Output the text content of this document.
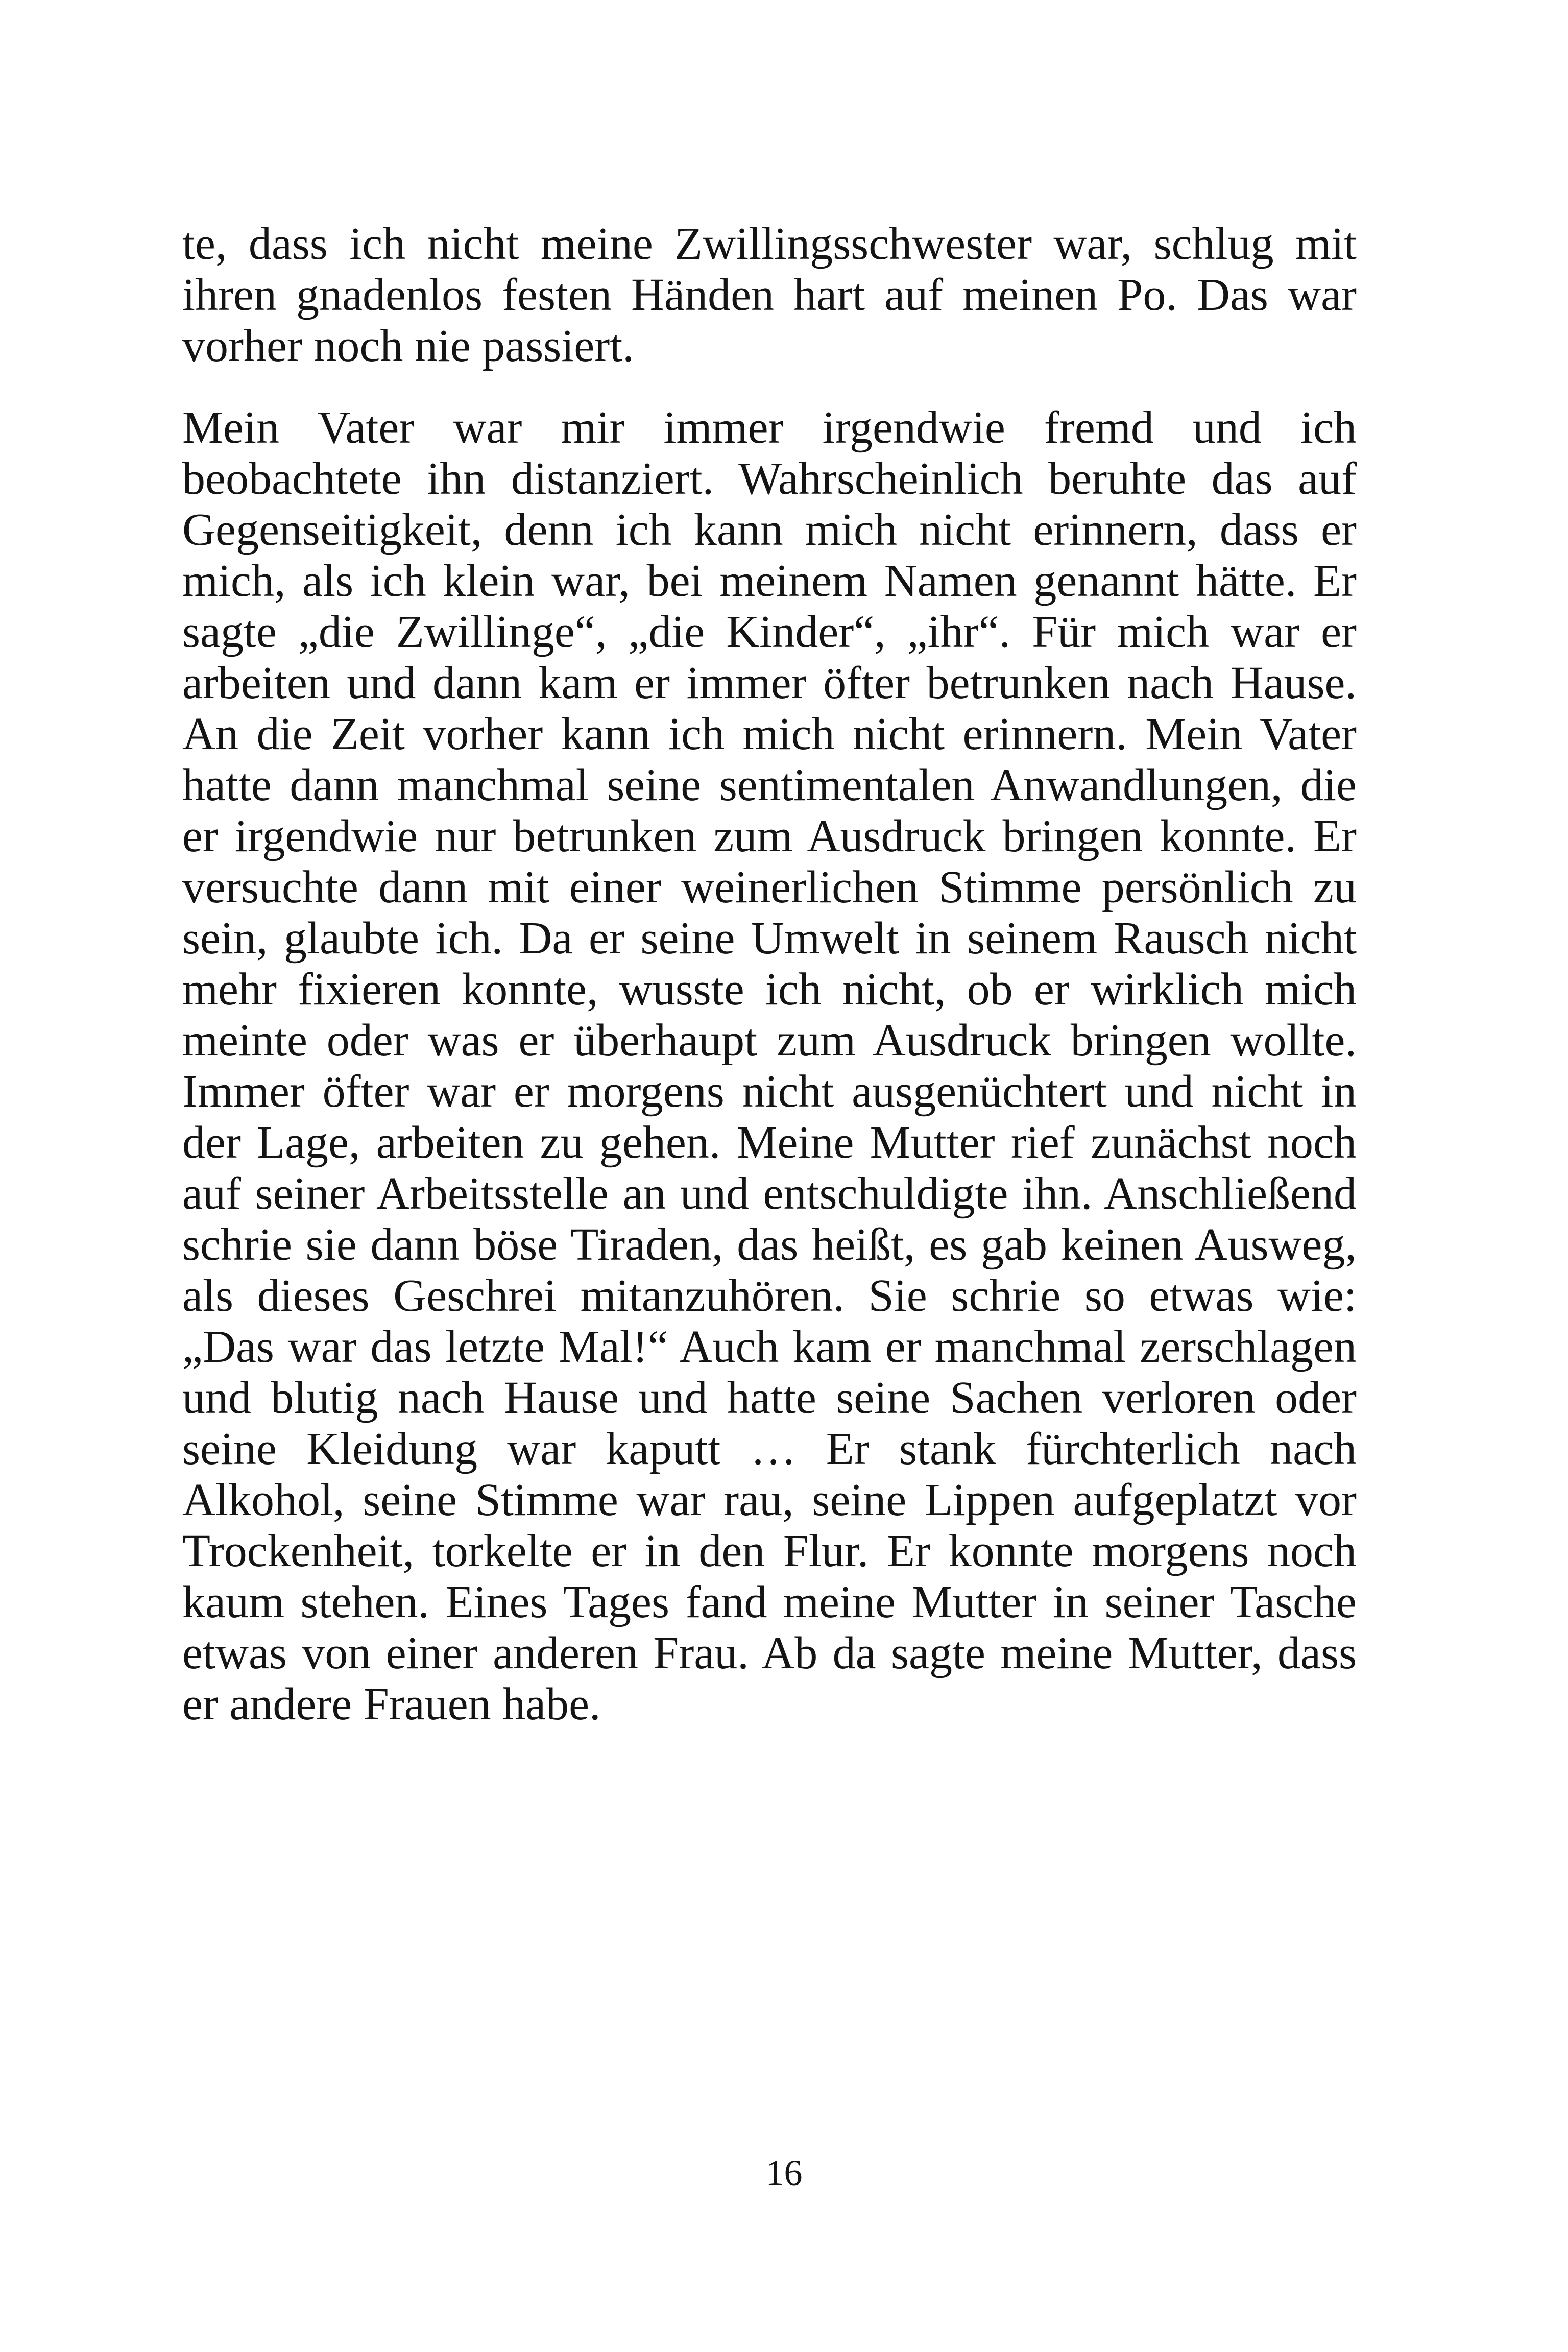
te, dass ich nicht meine Zwillingsschwester war, schlug mit ihren gnadenlos festen Händen hart auf meinen Po. Das war vorher noch nie passiert.

Mein Vater war mir immer irgendwie fremd und ich beobachtete ihn distanziert. Wahrscheinlich beruhte das auf Gegenseitigkeit, denn ich kann mich nicht erinnern, dass er mich, als ich klein war, bei meinem Namen genannt hätte. Er sagte „die Zwillinge“, „die Kinder“, „ihr“. Für mich war er arbeiten und dann kam er immer öfter betrunken nach Hause. An die Zeit vorher kann ich mich nicht erinnern. Mein Vater hatte dann manchmal seine sentimentalen Anwandlungen, die er irgendwie nur betrunken zum Ausdruck bringen konnte. Er versuchte dann mit einer weinerlichen Stimme persönlich zu sein, glaubte ich. Da er seine Umwelt in seinem Rausch nicht mehr fixieren konnte, wusste ich nicht, ob er wirklich mich meinte oder was er überhaupt zum Ausdruck bringen wollte. Immer öfter war er morgens nicht ausgenüchtert und nicht in der Lage, arbeiten zu gehen. Meine Mutter rief zunächst noch auf seiner Arbeitsstelle an und entschuldigte ihn. Anschließend schrie sie dann böse Tiraden, das heißt, es gab keinen Ausweg, als dieses Geschrei mitanzuhören. Sie schrie so etwas wie: „Das war das letzte Mal!“ Auch kam er manchmal zerschlagen und blutig nach Hause und hatte seine Sachen verloren oder seine Kleidung war kaputt … Er stank fürchterlich nach Alkohol, seine Stimme war rau, seine Lippen aufgeplatzt vor Trockenheit, torkelte er in den Flur. Er konnte morgens noch kaum stehen. Eines Tages fand meine Mutter in seiner Tasche etwas von einer anderen Frau. Ab da sagte meine Mutter, dass er andere Frauen habe.

16
